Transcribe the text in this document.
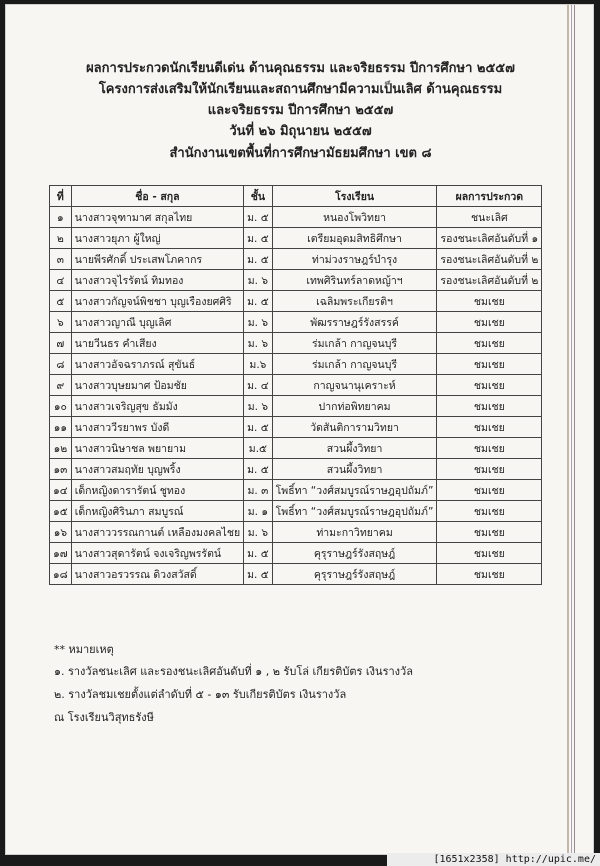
ผลการประกวดนักเรียนดีเด่น ด้านคุณธรรม และจริยธรรม ปีการศึกษา ๒๕๕๗
โครงการส่งเสริมให้นักเรียนและสถานศึกษามีความเป็นเลิศ ด้านคุณธรรม
และจริยธรรม ปีการศึกษา ๒๕๕๗
วันที่ ๒๖ มิถุนายน ๒๕๕๗
สำนักงานเขตพื้นที่การศึกษามัธยมศึกษา เขต ๘
ที่	ชื่อ - สกุล	ชั้น	โรงเรียน	ผลการประกวด
๑	นางสาวจุฑามาศ สกุลไทย	ม. ๕	หนองโพวิทยา	ชนะเลิศ
๒	นางสาวยุภา ผู้ใหญ่	ม. ๕	เตรียมอุดมสิทธิศึกษา	รองชนะเลิศอันดับที่ ๑
๓	นายพีรศักดิ์ ประเสพโภคากร	ม. ๕	ท่าม่วงราษฎร์บำรุง	รองชนะเลิศอันดับที่ ๒
๔	นางสาวจุไรรัตน์ ทิมทอง	ม. ๖	เทพศิรินทร์ลาดหญ้าฯ	รองชนะเลิศอันดับที่ ๒
๕	นางสาวกัญจน์พิชชา บุญเรืองยศศิริ	ม. ๕	เฉลิมพระเกียรติฯ	ชมเชย
๖	นางสาวญาณี บุญเลิศ	ม. ๖	พัฒรราษฎร์รังสรรค์	ชมเชย
๗	นายวีนธร คำเสียง	ม. ๖	ร่มเกล้า กาญจนบุรี	ชมเชย
๘	นางสาวอัจฉราภรณ์ สุขันธ์	ม.๖	ร่มเกล้า กาญจนบุรี	ชมเชย
๙	นางสาวบุษยมาศ ป้อมชัย	ม. ๔	กาญจนานุเคราะห์	ชมเชย
๑๐	นางสาวเจริญสุข ธัมมัง	ม. ๖	ปากท่อพิทยาคม	ชมเชย
๑๑	นางสาววีรยาพร บังดี	ม. ๕	วัดสันติการามวิทยา	ชมเชย
๑๒	นางสาวนิษาชล พยายาม	ม.๕	สวนผึ้งวิทยา	ชมเชย
๑๓	นางสาวสมฤทัย บุญพริ้ง	ม. ๕	สวนผึ้งวิทยา	ชมเชย
๑๔	เด็กหญิงดารารัตน์ ชูทอง	ม. ๓	โพธิ์ทา “วงศ์สมบูรณ์ราษฎอุปถัมภ์”	ชมเชย
๑๕	เด็กหญิงศิรินภา สมบูรณ์	ม. ๑	โพธิ์ทา “วงศ์สมบูรณ์ราษฎอุปถัมภ์”	ชมเชย
๑๖	นางสาววรรณกานต์ เหลืองมงคลไชย	ม. ๖	ท่ามะกาวิทยาคม	ชมเชย
๑๗	นางสาวสุดารัตน์ จงเจริญพรรัตน์	ม. ๕	คุรุราษฎร์รังสฤษฎ์	ชมเชย
๑๘	นางสาวอรวรรณ ดิวงสวัสดิ์	ม. ๕	คุรุราษฎร์รังสฤษฎ์	ชมเชย
** หมายเหตุ
๑. รางวัลชนะเลิศ และรองชนะเลิศอันดับที่ ๑ , ๒ รับโล่ เกียรติบัตร เงินรางวัล
๒. รางวัลชมเชยตั้งแต่ลำดับที่ ๕ - ๑๓ รับเกียรติบัตร เงินรางวัล
ณ โรงเรียนวิสุทธรังษี
[1651x2358] http://upic.me/
